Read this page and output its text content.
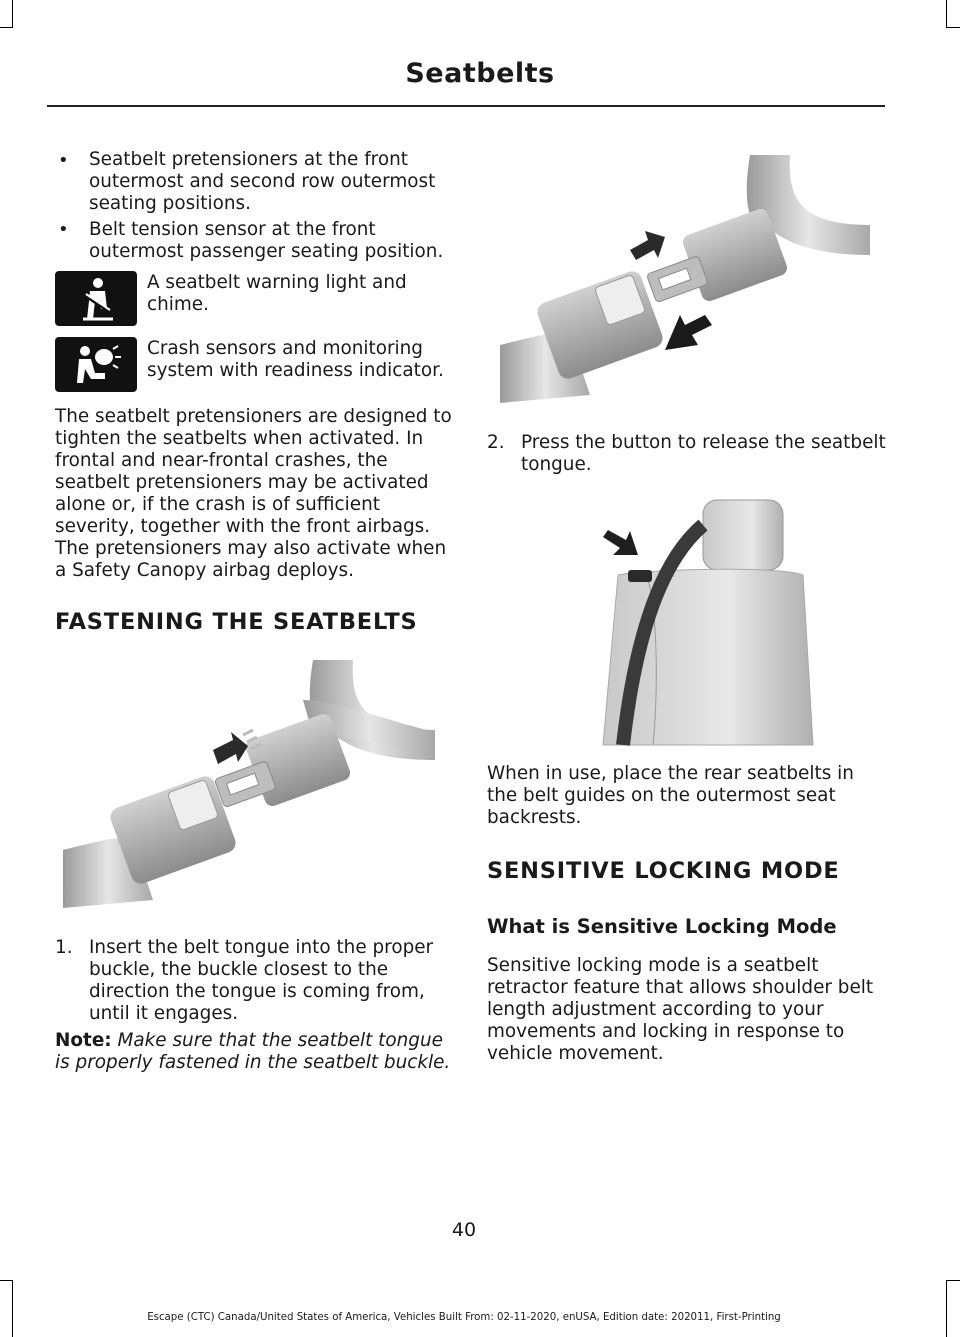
Seatbelts
• Seatbelt pretensioners at the front outermost and second row outermost seating positions.

• Belt tension sensor at the front outermost passenger seating position.

A seatbelt warning light and chime.

Crash sensors and monitoring system with readiness indicator.

The seatbelt pretensioners are designed to tighten the seatbelts when activated. In frontal and near-frontal crashes, the seatbelt pretensioners may be activated alone or, if the crash is of sufficient severity, together with the front airbags. The pretensioners may also activate when a Safety Canopy airbag deploys.

FASTENING THE SEATBELTS
1. Insert the belt tongue into the proper buckle, the buckle closest to the direction the tongue is coming from, until it engages.

Note: Make sure that the seatbelt tongue is properly fastened in the seatbelt buckle.

2. Press the button to release the seatbelt tongue.

When in use, place the rear seatbelts in the belt guides on the outermost seat backrests.

SENSITIVE LOCKING MODE
What is Sensitive Locking Mode

Sensitive locking mode is a seatbelt retractor feature that allows shoulder belt length adjustment according to your movements and locking in response to vehicle movement.

40
Escape (CTC) Canada/United States of America, Vehicles Built From: 02-11-2020, enUSA, Edition date: 202011, First-Printing
